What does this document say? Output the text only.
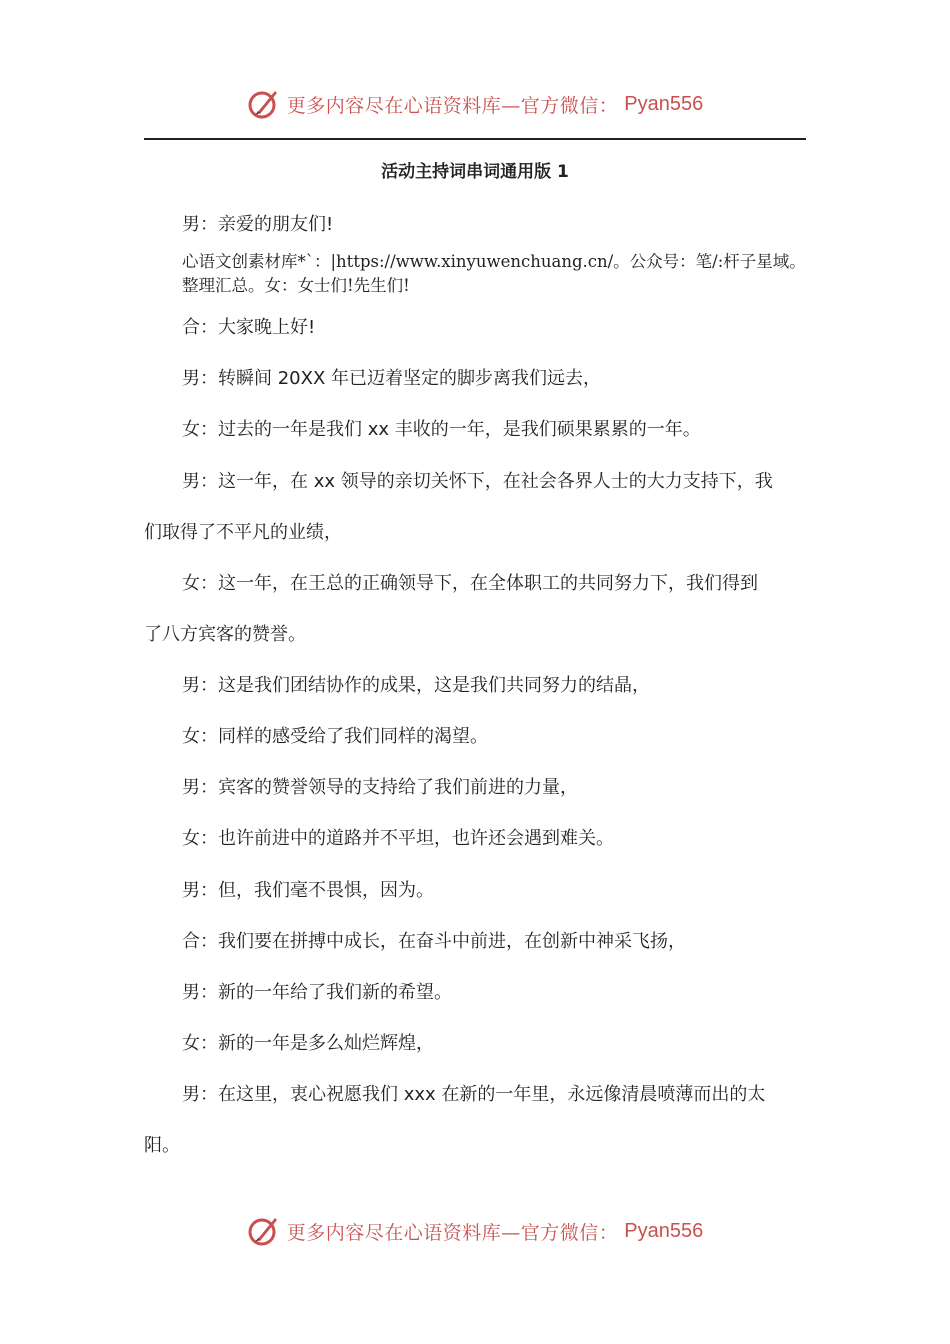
更多内容尽在心语资料库—官方微信： Pyan556
活动主持词串词通用版 1
男：亲爱的朋友们!
心语文创素材库*`：|https://www.xinyuwenchuang.cn/。公众号：笔/:杆子星域。整理汇总。女：女士们!先生们!
合：大家晚上好!
男：转瞬间 20XX 年已迈着坚定的脚步离我们远去，
女：过去的一年是我们 xx 丰收的一年，是我们硕果累累的一年。
男：这一年，在 xx 领导的亲切关怀下，在社会各界人士的大力支持下，我
们取得了不平凡的业绩，
女：这一年，在王总的正确领导下，在全体职工的共同努力下，我们得到
了八方宾客的赞誉。
男：这是我们团结协作的成果，这是我们共同努力的结晶，
女：同样的感受给了我们同样的渴望。
男：宾客的赞誉领导的支持给了我们前进的力量，
女：也许前进中的道路并不平坦，也许还会遇到难关。
男：但，我们毫不畏惧，因为。
合：我们要在拼搏中成长，在奋斗中前进，在创新中神采飞扬，
男：新的一年给了我们新的希望。
女：新的一年是多么灿烂辉煌，
男：在这里，衷心祝愿我们 xxx 在新的一年里，永远像清晨喷薄而出的太
阳。
更多内容尽在心语资料库—官方微信： Pyan556
